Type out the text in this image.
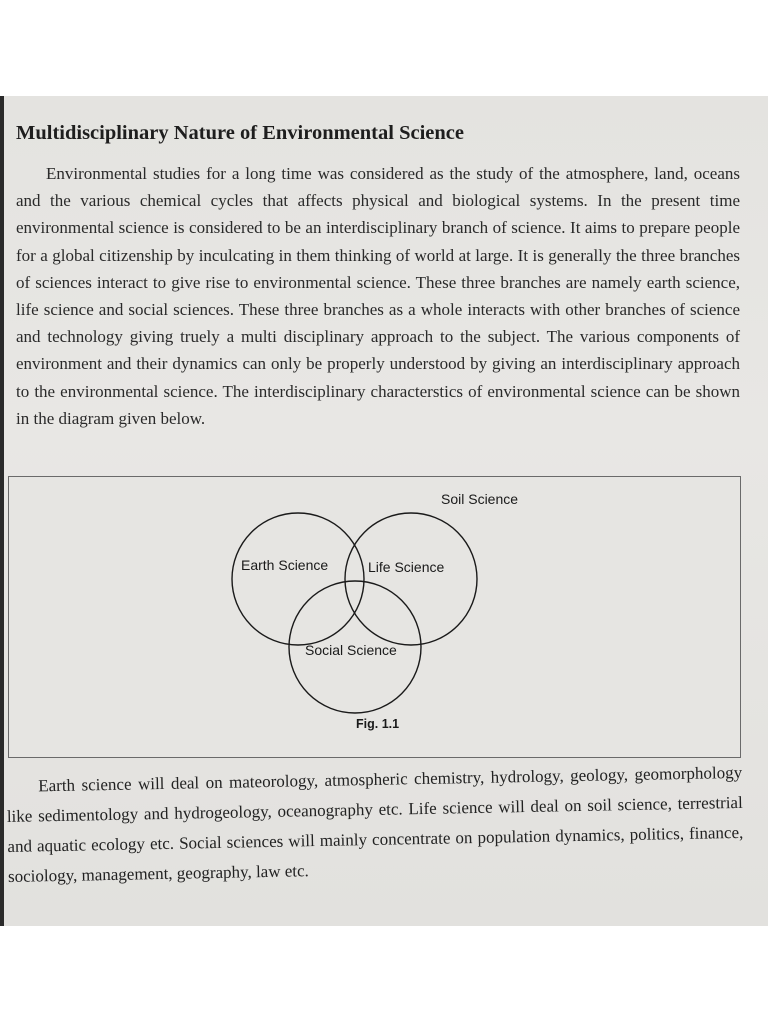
Multidisciplinary Nature of Environmental Science

Environmental studies for a long time was considered as the study of the atmosphere, land, oceans and the various chemical cycles that affects physical and biological systems. In the present time environmental science is considered to be an interdisciplinary branch of science. It aims to prepare people for a global citizenship by inculcating in them thinking of world at large. It is generally the three branches of sciences interact to give rise to environmental science. These three branches are namely earth science, life science and social sciences. These three branches as a whole interacts with other branches of science and technology giving truely a multi disciplinary approach to the subject. The various components of environment and their dynamics can only be properly understood by giving an interdisciplinary approach to the environmental science. The interdisciplinary characterstics of environmental science can be shown in the diagram given below.

Soil Science
Earth Science	Life Science
Social Science
Fig. 1.1

Earth science will deal on mateorology, atmospheric chemistry, hydrology, geology, geomorphology like sedimentology and hydrogeology, oceanography etc. Life science will deal on soil science, terrestrial and aquatic ecology etc. Social sciences will mainly concentrate on population dynamics, politics, finance, sociology, management, geography, law etc.
